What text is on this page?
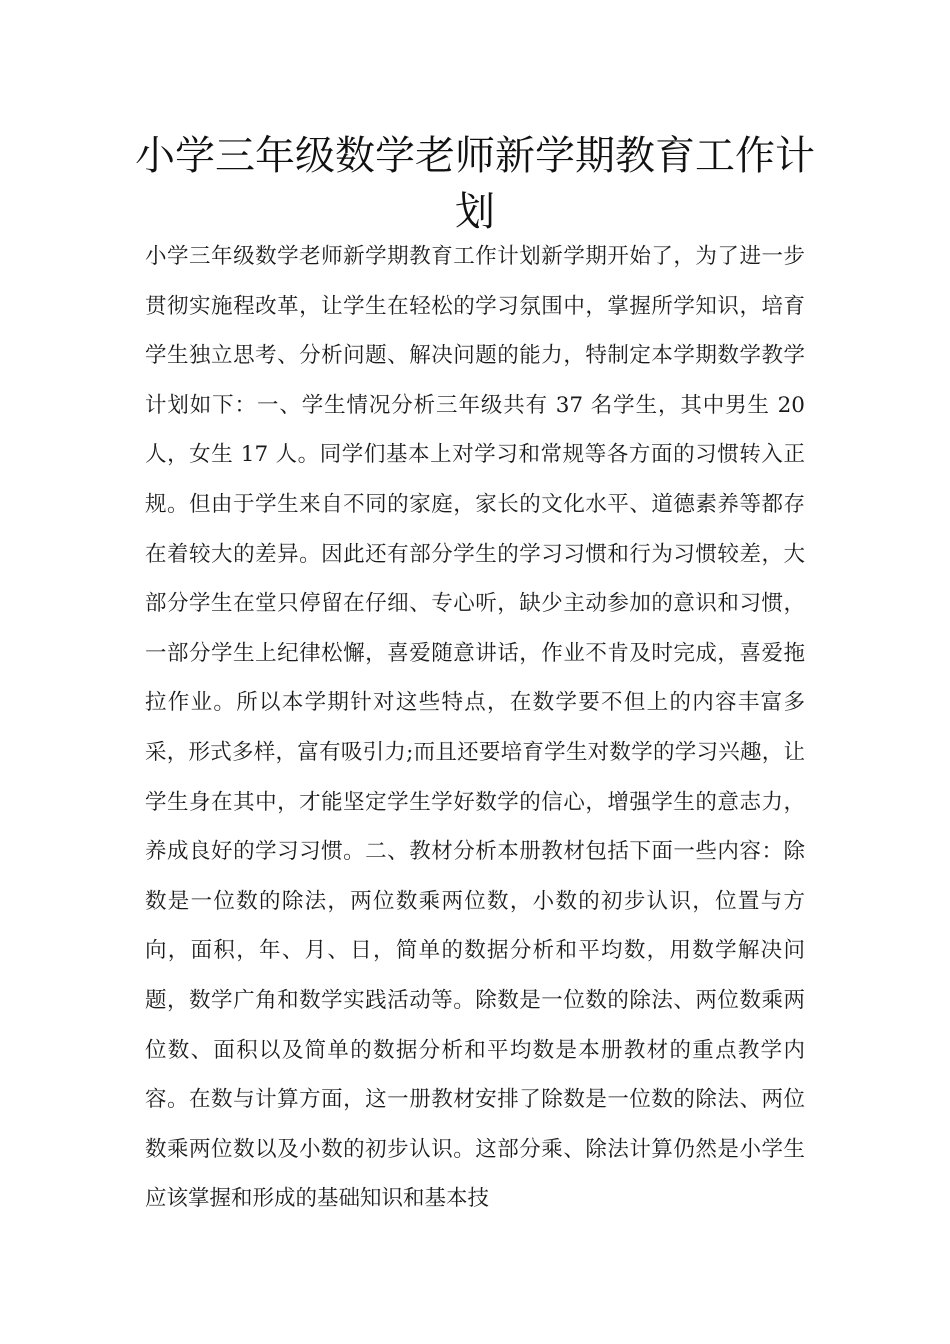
小学三年级数学老师新学期教育工作计划

小学三年级数学老师新学期教育工作计划新学期开始了，为了进一步贯彻实施程改革，让学生在轻松的学习氛围中，掌握所学知识，培育学生独立思考、分析问题、解决问题的能力，特制定本学期数学教学计划如下：一、学生情况分析三年级共有 37 名学生，其中男生 20 人，女生 17 人。同学们基本上对学习和常规等各方面的习惯转入正规。但由于学生来自不同的家庭，家长的文化水平、道德素养等都存在着较大的差异。因此还有部分学生的学习习惯和行为习惯较差，大部分学生在堂只停留在仔细、专心听，缺少主动参加的意识和习惯，一部分学生上纪律松懈，喜爱随意讲话，作业不肯及时完成，喜爱拖拉作业。所以本学期针对这些特点，在数学要不但上的内容丰富多采，形式多样，富有吸引力;而且还要培育学生对数学的学习兴趣，让学生身在其中，才能坚定学生学好数学的信心，增强学生的意志力，养成良好的学习习惯。二、教材分析本册教材包括下面一些内容：除数是一位数的除法，两位数乘两位数，小数的初步认识，位置与方向，面积，年、月、日，简单的数据分析和平均数，用数学解决问题，数学广角和数学实践活动等。除数是一位数的除法、两位数乘两位数、面积以及简单的数据分析和平均数是本册教材的重点教学内容。在数与计算方面，这一册教材安排了除数是一位数的除法、两位数乘两位数以及小数的初步认识。这部分乘、除法计算仍然是小学生应该掌握和形成的基础知识和基本技
